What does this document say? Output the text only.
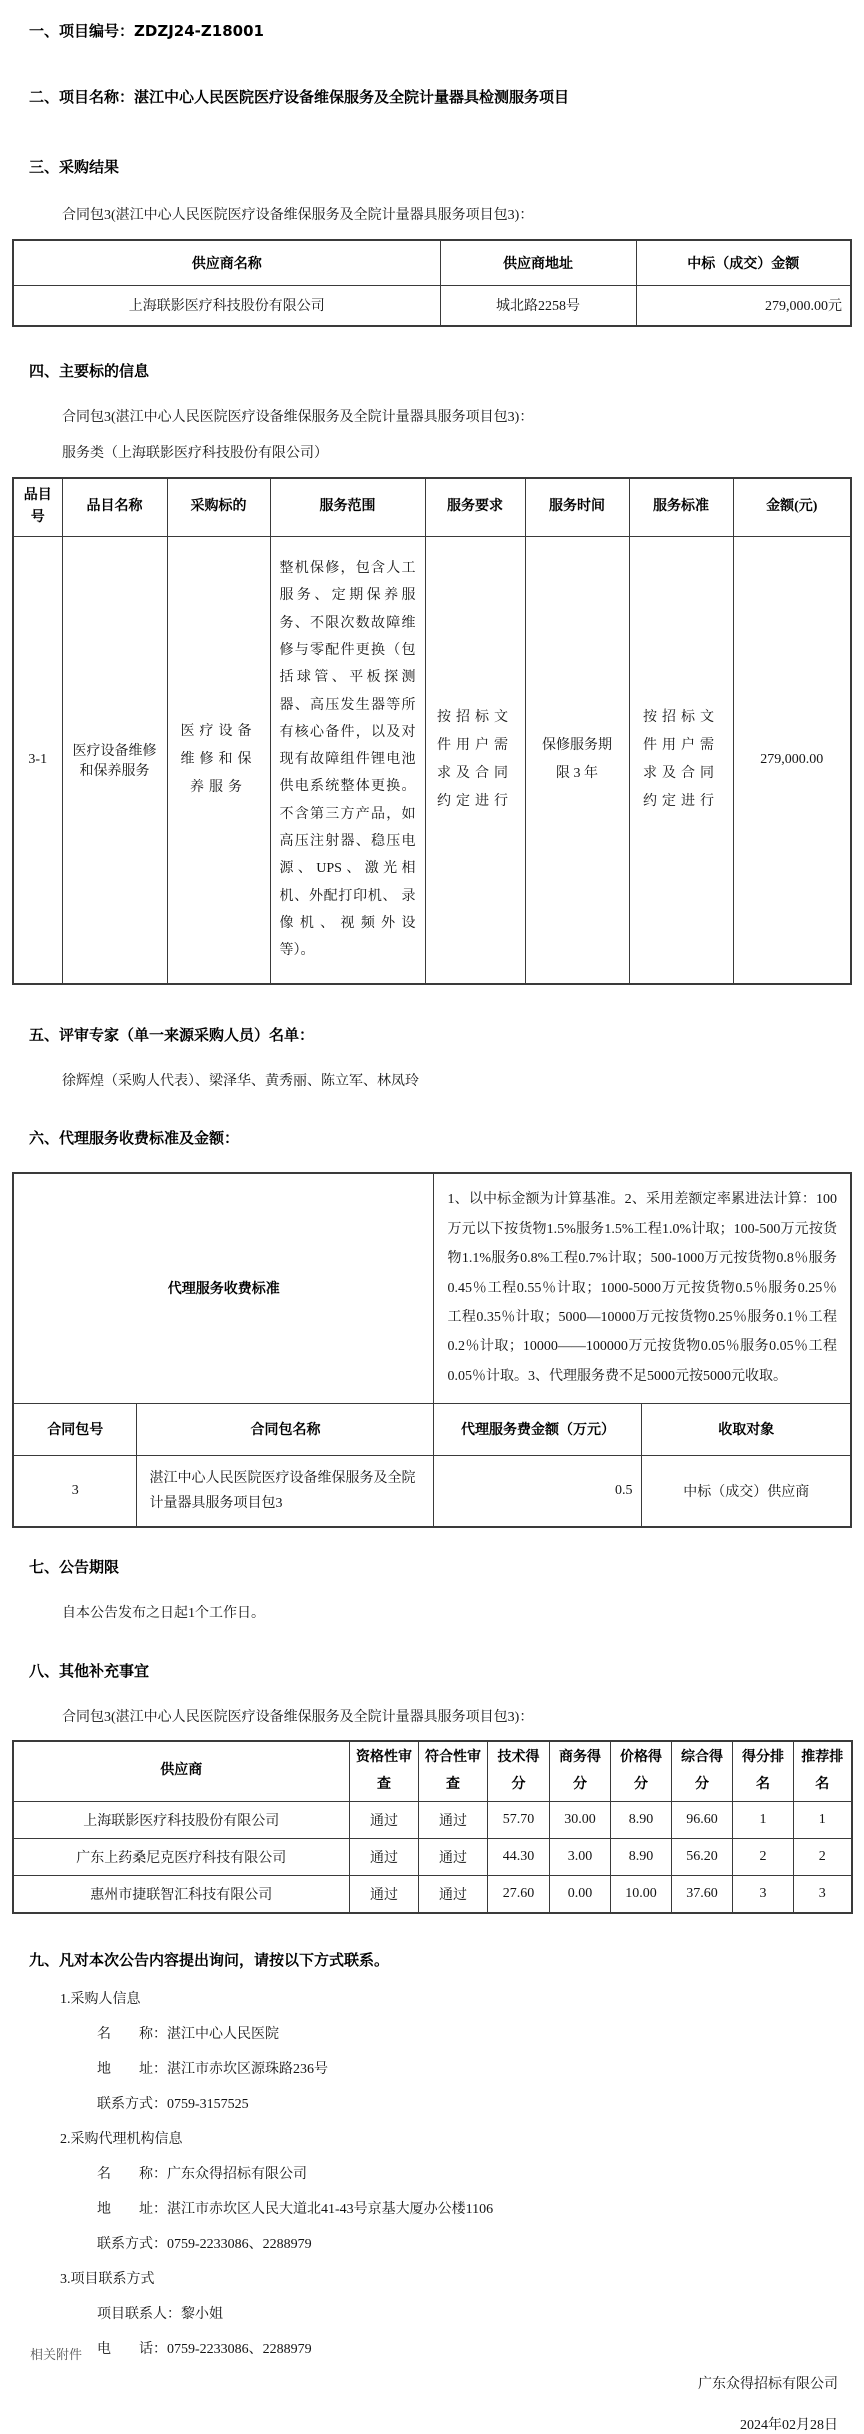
一、项目编号：ZDZJ24-Z18001
二、项目名称：湛江中心人民医院医疗设备维保服务及全院计量器具检测服务项目
三、采购结果
合同包3(湛江中心人民医院医疗设备维保服务及全院计量器具服务项目包3)：
供应商名称	供应商地址	中标（成交）金额
上海联影医疗科技股份有限公司	城北路2258号	279,000.00元
四、主要标的信息
合同包3(湛江中心人民医院医疗设备维保服务及全院计量器具服务项目包3)：
服务类（上海联影医疗科技股份有限公司）
品目号	品目名称	采购标的	服务范围	服务要求	服务时间	服务标准	金额(元)
3-1	医疗设备维修和保养服务	医疗设备维修和保养服务	整机保修，包含人工服务、定期保养服务、不限次数故障维修与零配件更换（包括球管、平板探测器、高压发生器等所有核心备件，以及对现有故障组件锂电池供电系统整体更换。不含第三方产品，如高压注射器、稳压电源、UPS、激光相 机、外配打印机、 录像机、视频外设 等）。	按招标文件用户需求及合同约定进行	保修服务期限 3 年	按招标文件用户需求及合同约定进行	279,000.00
五、评审专家（单一来源采购人员）名单：
徐辉煌（采购人代表）、梁泽华、黄秀丽、陈立军、林凤玲
六、代理服务收费标准及金额：
代理服务收费标准		1、以中标金额为计算基准。2、采用差额定率累进法计算：100万元以下按货物1.5%服务1.5%工程1.0%计取；100-500万元按货物1.1%服务0.8%工程0.7%计取；500-1000万元按货物0.8％服务0.45％工程0.55％计取；1000-5000万元按货物0.5％服务0.25％工程0.35％计取；5000—10000万元按货物0.25％服务0.1％工程0.2％计取；10000——100000万元按货物0.05％服务0.05％工程0.05％计取。3、代理服务费不足5000元按5000元收取。	
合同包号	合同包名称	代理服务费金额（万元）	收取对象
3	湛江中心人民医院医疗设备维保服务及全院计量器具服务项目包3	0.5	中标（成交）供应商
七、公告期限
自本公告发布之日起1个工作日。
八、其他补充事宜
合同包3(湛江中心人民医院医疗设备维保服务及全院计量器具服务项目包3)：
供应商	资格性审查	符合性审查	技术得分	商务得分	价格得分	综合得分	得分排名	推荐排名
上海联影医疗科技股份有限公司	通过	通过	57.70	30.00	8.90	96.60	1	1
广东上药桑尼克医疗科技有限公司	通过	通过	44.30	3.00	8.90	56.20	2	2
惠州市捷联智汇科技有限公司	通过	通过	27.60	0.00	10.00	37.60	3	3
九、凡对本次公告内容提出询问，请按以下方式联系。
1.采购人信息
名　　称：湛江中心人民医院
地　　址：湛江市赤坎区源珠路236号
联系方式：0759-3157525
2.采购代理机构信息
名　　称：广东众得招标有限公司
地　　址：湛江市赤坎区人民大道北41-43号京基大厦办公楼1106
联系方式：0759-2233086、2288979
3.项目联系方式
项目联系人：黎小姐
电　　话：0759-2233086、2288979
广东众得招标有限公司
2024年02月28日
相关附件
